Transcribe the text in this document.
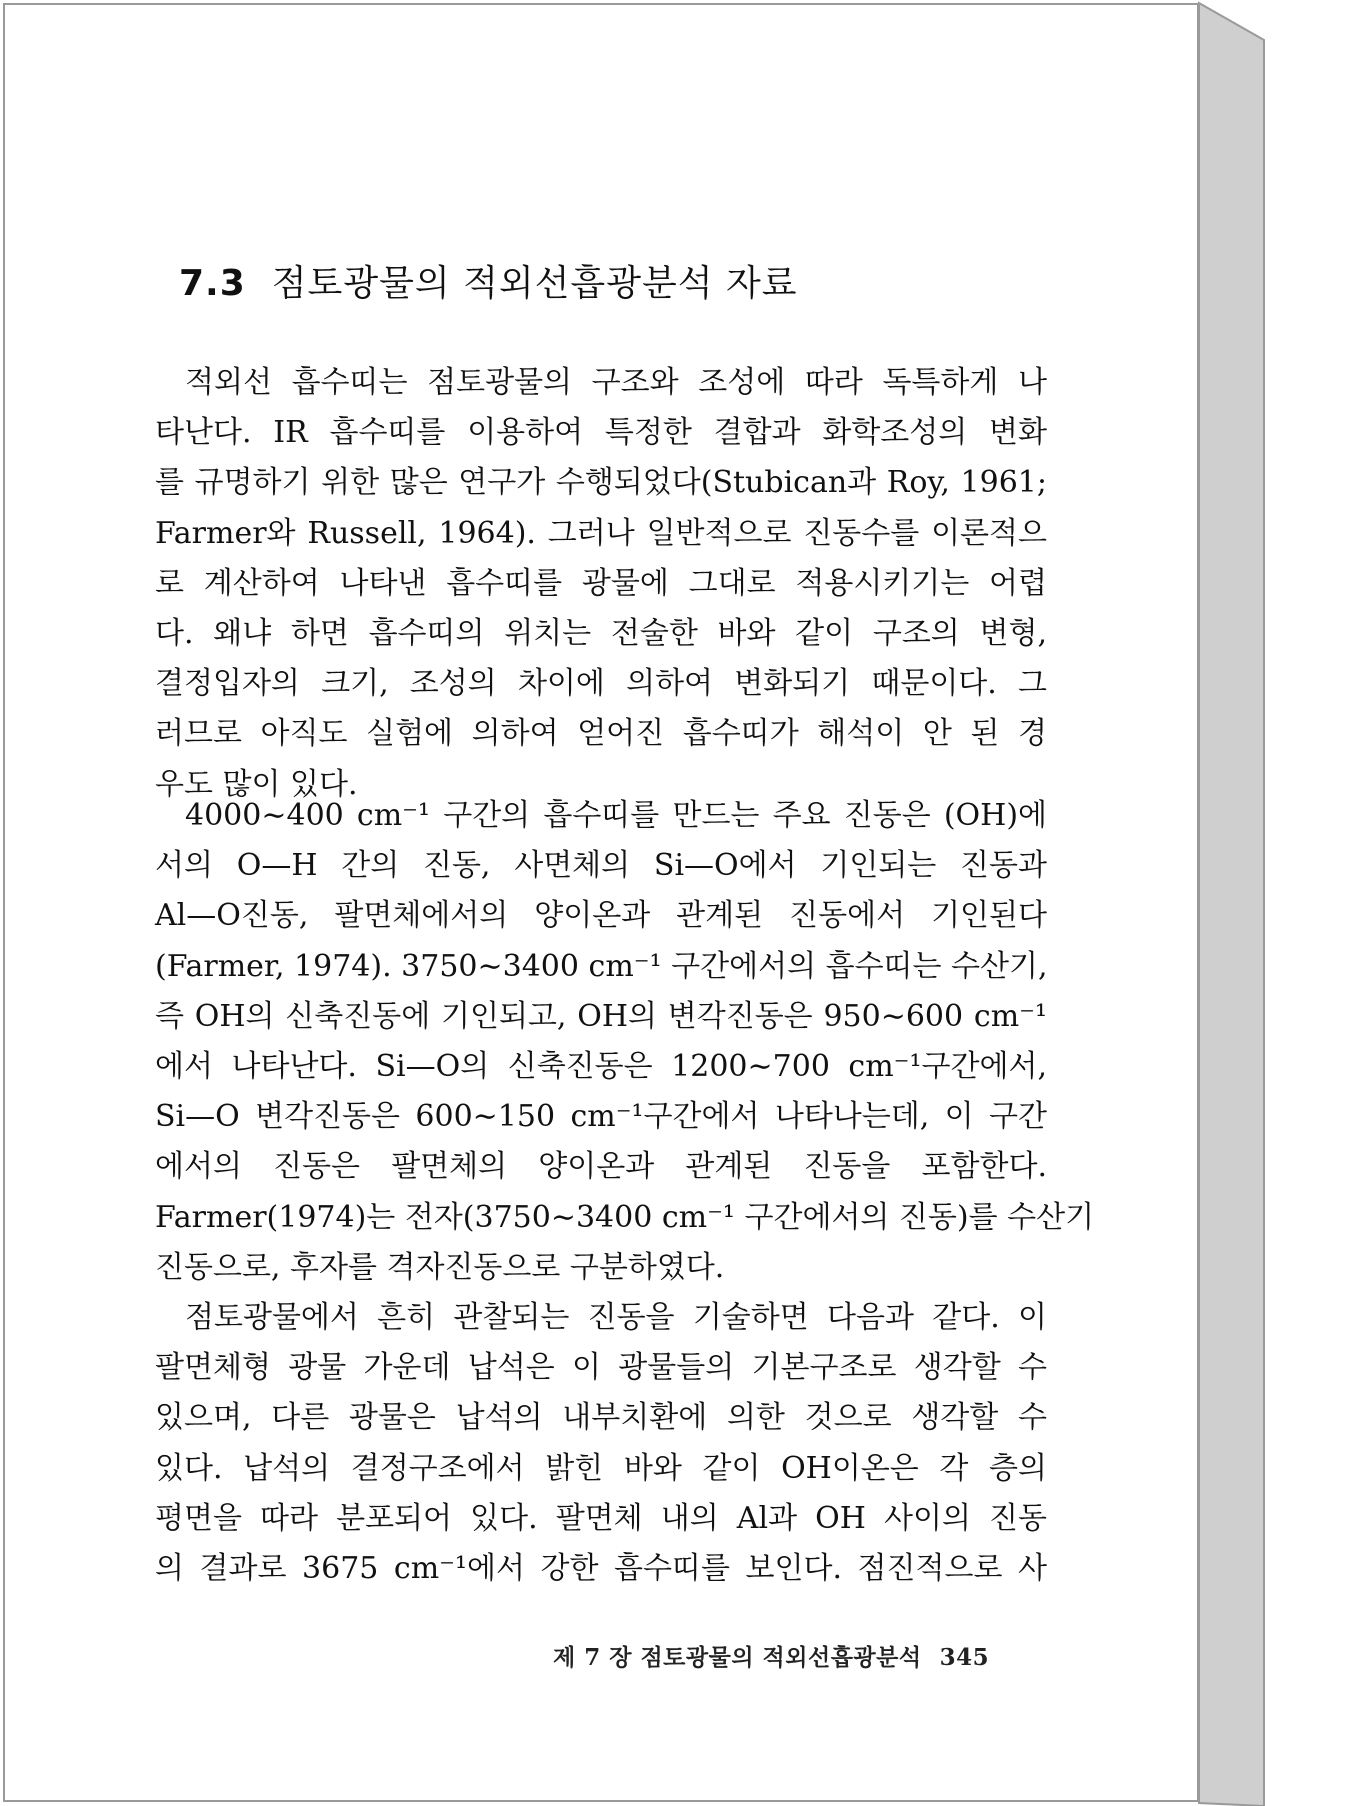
7.3 점토광물의 적외선흡광분석 자료
적외선 흡수띠는 점토광물의 구조와 조성에 따라 독특하게 나
타난다. IR 흡수띠를 이용하여 특정한 결합과 화학조성의 변화
를 규명하기 위한 많은 연구가 수행되었다(Stubican과 Roy, 1961;
Farmer와 Russell, 1964). 그러나 일반적으로 진동수를 이론적으
로 계산하여 나타낸 흡수띠를 광물에 그대로 적용시키기는 어렵
다. 왜냐 하면 흡수띠의 위치는 전술한 바와 같이 구조의 변형,
결정입자의 크기, 조성의 차이에 의하여 변화되기 때문이다. 그
러므로 아직도 실험에 의하여 얻어진 흡수띠가 해석이 안 된 경
우도 많이 있다.
4000∼400 cm⁻¹ 구간의 흡수띠를 만드는 주요 진동은 (OH)에
서의 O—H 간의 진동, 사면체의 Si—O에서 기인되는 진동과
Al—O진동, 팔면체에서의 양이온과 관계된 진동에서 기인된다
(Farmer, 1974). 3750∼3400 cm⁻¹ 구간에서의 흡수띠는 수산기,
즉 OH의 신축진동에 기인되고, OH의 변각진동은 950∼600 cm⁻¹
에서 나타난다. Si—O의 신축진동은 1200∼700 cm⁻¹구간에서,
Si—O 변각진동은 600∼150 cm⁻¹구간에서 나타나는데, 이 구간
에서의 진동은 팔면체의 양이온과 관계된 진동을 포함한다.
Farmer(1974)는 전자(3750∼3400 cm⁻¹ 구간에서의 진동)를 수산기
진동으로, 후자를 격자진동으로 구분하였다.
점토광물에서 흔히 관찰되는 진동을 기술하면 다음과 같다. 이
팔면체형 광물 가운데 납석은 이 광물들의 기본구조로 생각할 수
있으며, 다른 광물은 납석의 내부치환에 의한 것으로 생각할 수
있다. 납석의 결정구조에서 밝힌 바와 같이 OH이온은 각 층의
평면을 따라 분포되어 있다. 팔면체 내의 Al과 OH 사이의 진동
의 결과로 3675 cm⁻¹에서 강한 흡수띠를 보인다. 점진적으로 사
제 7 장 점토광물의 적외선흡광분석 345
